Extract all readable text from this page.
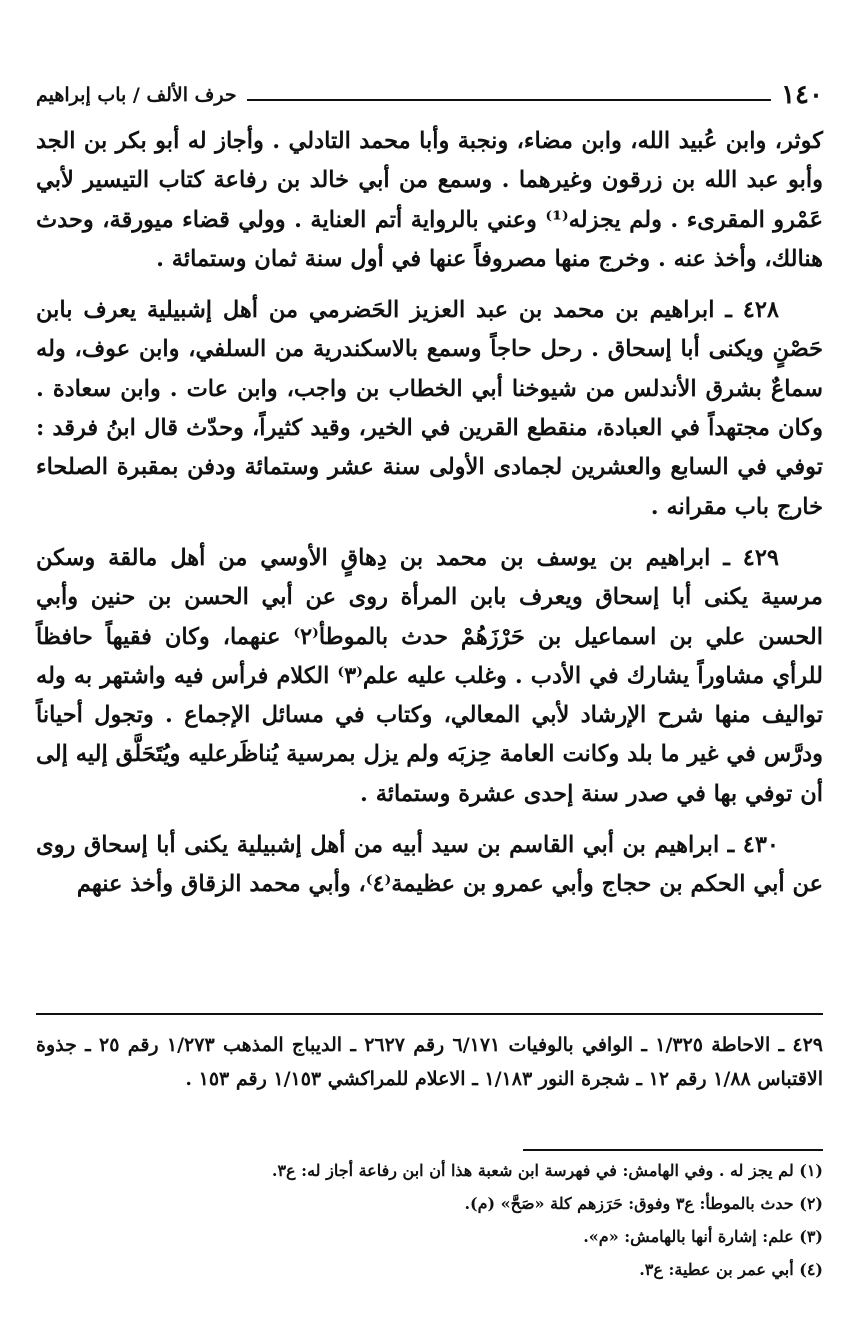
١٤٠
حرف الألف / باب إبراهيم

كوثر، وابن عُبيد الله، وابن مضاء، ونجبة وأبا محمد التادلي . وأجاز له أبو بكر بن الجد وأبو عبد الله بن زرقون وغيرهما . وسمع من أبي خالد بن رفاعة كتاب التيسير لأبي عَمْرو المقرىء . ولم يجزله⁽¹⁾ وعني بالرواية أتم العناية . وولي قضاء ميورقة، وحدث هنالك، وأخذ عنه . وخرج منها مصروفاً عنها في أول سنة ثمان وستمائة .

٤٢٨ ـ ابراهيم بن محمد بن عبد العزيز الحَضرمي من أهل إشبيلية يعرف بابن حَصْنٍ ويكنى أبا إسحاق . رحل حاجاً وسمع بالاسكندرية من السلفي، وابن عوف، وله سماعٌ بشرق الأندلس من شيوخنا أبي الخطاب بن واجب، وابن عات . وابن سعادة . وكان مجتهداً في العبادة، منقطع القرين في الخير، وقيد كثيراً، وحدّث قال ابنُ فرقد : توفي في السابع والعشرين لجمادى الأولى سنة عشر وستمائة ودفن بمقبرة الصلحاء خارج باب مقرانه .

٤٢٩ ـ ابراهيم بن يوسف بن محمد بن دِهاقٍ الأوسي من أهل مالقة وسكن مرسية يكنى أبا إسحاق ويعرف بابن المرأة روى عن أبي الحسن بن حنين وأبي الحسن علي بن اسماعيل بن حَرْزَهُمْ حدث بالموطأ⁽٢⁾ عنهما، وكان فقيهاً حافظاً للرأي مشاوراً يشارك في الأدب . وغلب عليه علم⁽٣⁾ الكلام فرأس فيه واشتهر به وله تواليف منها شرح الإرشاد لأبي المعالي، وكتاب في مسائل الإجماع . وتجول أحياناً ودرَّس في غير ما بلد وكانت العامة حِزبَه ولم يزل بمرسية يُناظَرعليه ويُتَحَلَّق إليه إلى أن توفي بها في صدر سنة إحدى عشرة وستمائة .

٤٣٠ ـ ابراهيم بن أبي القاسم بن سيد أبيه من أهل إشبيلية يكنى أبا إسحاق روى عن أبي الحكم بن حجاج وأبي عمرو بن عظيمة⁽٤⁾، وأبي محمد الزقاق وأخذ عنهم

٤٢٩ ـ الاحاطة ١/٣٢٥ ـ الوافي بالوفيات ٦/١٧١ رقم ٢٦٢٧ ـ الديباج المذهب ١/٢٧٣ رقم ٢٥ ـ جذوة الاقتباس ١/٨٨ رقم ١٢ ـ شجرة النور ١/١٨٣ ـ الاعلام للمراكشي ١/١٥٣ رقم ١٥٣ .
(١) لم يجز له . وفي الهامش: في فهرسة ابن شعبة هذا أن ابن رفاعة أجاز له: ع٣.
(٢) حدث بالموطأ: ع٣ وفوق: حَرَزهم كلة «صَحَّ» (م).
(٣) علم: إشارة أنها بالهامش: «م».
(٤) أبي عمر بن عطية: ع٣.
